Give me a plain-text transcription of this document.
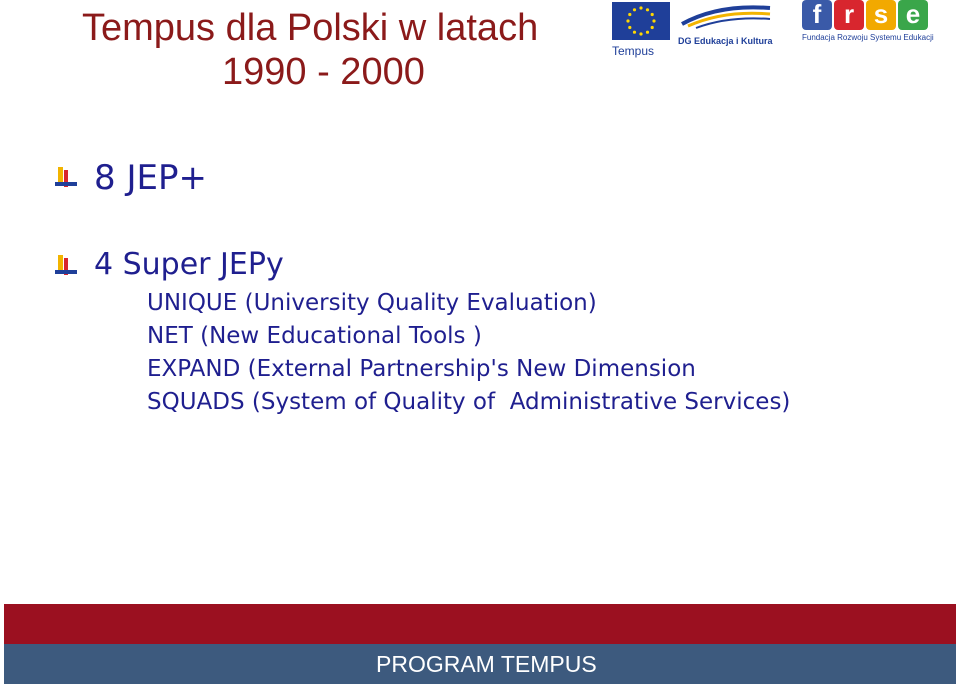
Tempus dla Polski w latach
1990 - 2000	Tempus
DG Edukacja i Kultura
f r s e
Fundacja Rozwoju Systemu Edukacji
8 JEP+
4 Super JEPy
UNIQUE (University Quality Evaluation)
NET (New Educational Tools )
EXPAND (External Partnership's New Dimension
SQUADS (System of Quality of  Administrative Services)
PROGRAM TEMPUS
